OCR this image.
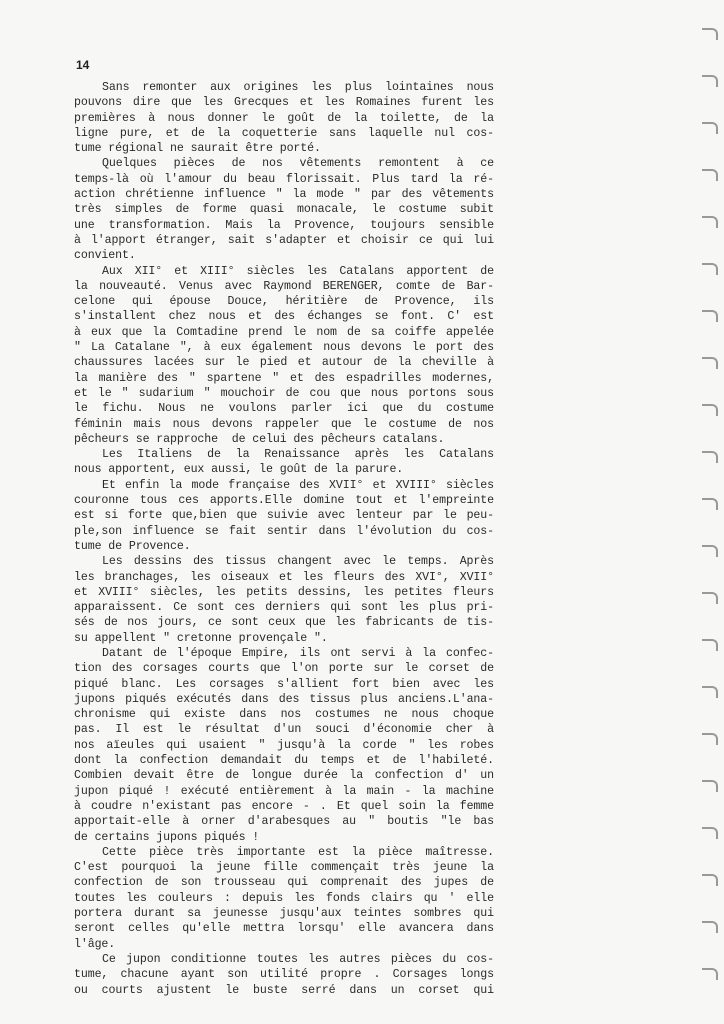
14
Sans remonter aux origines les plus lointaines nous
pouvons dire que les Grecques et les Romaines furent les
premières à nous donner le goût de la toilette, de la
ligne pure, et de la coquetterie sans laquelle nul cos-
tume régional ne saurait être porté.
Quelques pièces de nos vêtements remontent à ce
temps-là où l'amour du beau florissait. Plus tard la ré-
action chrétienne influence " la mode " par des vêtements
très simples de forme quasi monacale, le costume subit
une transformation. Mais la Provence, toujours sensible
à l'apport étranger, sait s'adapter et choisir ce qui lui
convient.
Aux XII° et XIII° siècles les Catalans apportent de
la nouveauté. Venus avec Raymond BERENGER, comte de Bar-
celone qui épouse Douce, héritière de Provence, ils
s'installent chez nous et des échanges se font. C' est
à eux que la Comtadine prend le nom de sa coiffe appelée
" La Catalane ", à eux également nous devons le port des
chaussures lacées sur le pied et autour de la cheville à
la manière des " spartene " et des espadrilles modernes,
et le " sudarium " mouchoir de cou que nous portons sous
le fichu. Nous ne voulons parler ici que du costume
féminin mais nous devons rappeler que le costume de nos
pêcheurs se rapproche  de celui des pêcheurs catalans.
Les Italiens de la Renaissance après les Catalans
nous apportent, eux aussi, le goût de la parure.
Et enfin la mode française des XVII° et XVIII° siècles
couronne tous ces apports.Elle domine tout et l'empreinte
est si forte que,bien que suivie avec lenteur par le peu-
ple,son influence se fait sentir dans l'évolution du cos-
tume de Provence.
Les dessins des tissus changent avec le temps. Après
les branchages, les oiseaux et les fleurs des XVI°, XVII°
et XVIII° siècles, les petits dessins, les petites fleurs
apparaissent. Ce sont ces derniers qui sont les plus pri-
sés de nos jours, ce sont ceux que les fabricants de tis-
su appellent " cretonne provençale ".
Datant de l'époque Empire, ils ont servi à la confec-
tion des corsages courts que l'on porte sur le corset de
piqué blanc. Les corsages s'allient fort bien avec les
jupons piqués exécutés dans des tissus plus anciens.L'ana-
chronisme qui existe dans nos costumes ne nous choque
pas. Il est le résultat d'un souci d'économie cher à
nos aïeules qui usaient " jusqu'à la corde " les robes
dont la confection demandait du temps et de l'habileté.
Combien devait être de longue durée la confection d' un
jupon piqué ! exécuté entièrement à la main - la machine
à coudre n'existant pas encore - . Et quel soin la femme
apportait-elle à orner d'arabesques au " boutis "le bas
de certains jupons piqués !
Cette pièce très importante est la pièce maîtresse.
C'est pourquoi la jeune fille commençait très jeune la
confection de son trousseau qui comprenait des jupes de
toutes les couleurs : depuis les fonds clairs qu ' elle
portera durant sa jeunesse jusqu'aux teintes sombres qui
seront celles qu'elle mettra lorsqu' elle avancera dans
l'âge.
Ce jupon conditionne toutes les autres pièces du cos-
tume, chacune ayant son utilité propre . Corsages longs
ou courts ajustent le buste serré dans un corset qui
